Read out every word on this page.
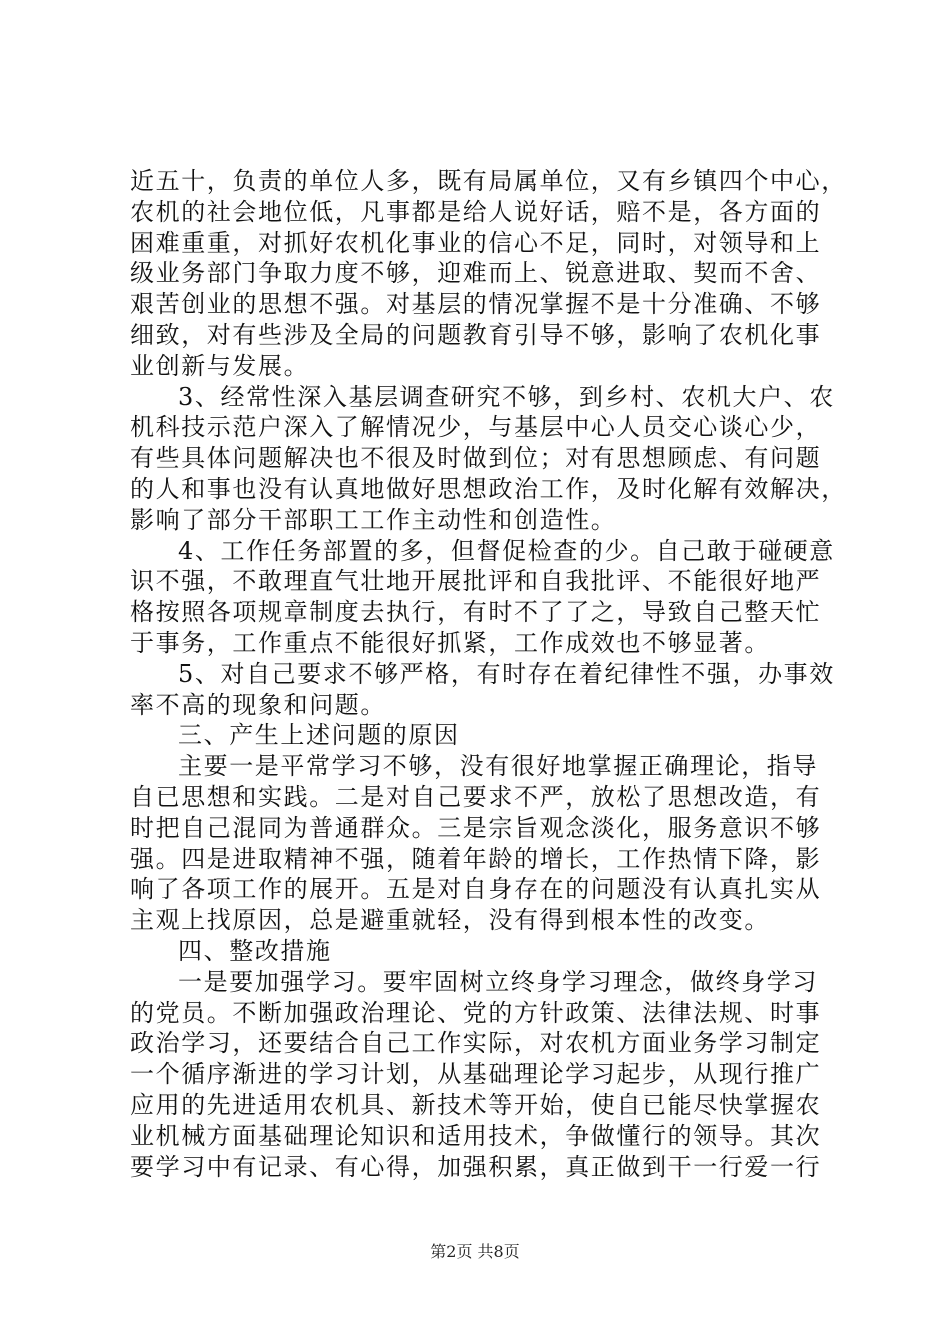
近五十，负责的单位人多，既有局属单位，又有乡镇四个中心，
农机的社会地位低，凡事都是给人说好话，赔不是，各方面的
困难重重，对抓好农机化事业的信心不足，同时，对领导和上
级业务部门争取力度不够，迎难而上、锐意进取、契而不舍、
艰苦创业的思想不强。对基层的情况掌握不是十分准确、不够
细致，对有些涉及全局的问题教育引导不够，影响了农机化事
业创新与发展。
3、经常性深入基层调查研究不够，到乡村、农机大户、农
机科技示范户深入了解情况少，与基层中心人员交心谈心少，
有些具体问题解决也不很及时做到位；对有思想顾虑、有问题
的人和事也没有认真地做好思想政治工作，及时化解有效解决，
影响了部分干部职工工作主动性和创造性。
4、工作任务部置的多，但督促检查的少。自己敢于碰硬意
识不强，不敢理直气壮地开展批评和自我批评、不能很好地严
格按照各项规章制度去执行，有时不了了之，导致自己整天忙
于事务，工作重点不能很好抓紧，工作成效也不够显著。
5、对自己要求不够严格，有时存在着纪律性不强，办事效
率不高的现象和问题。
三、产生上述问题的原因
主要一是平常学习不够，没有很好地掌握正确理论，指导
自已思想和实践。二是对自己要求不严，放松了思想改造，有
时把自己混同为普通群众。三是宗旨观念淡化，服务意识不够
强。四是进取精神不强，随着年龄的增长，工作热情下降，影
响了各项工作的展开。五是对自身存在的问题没有认真扎实从
主观上找原因，总是避重就轻，没有得到根本性的改变。
四、整改措施
一是要加强学习。要牢固树立终身学习理念，做终身学习
的党员。不断加强政治理论、党的方针政策、法律法规、时事
政治学习，还要结合自己工作实际，对农机方面业务学习制定
一个循序渐进的学习计划，从基础理论学习起步，从现行推广
应用的先进适用农机具、新技术等开始，使自已能尽快掌握农
业机械方面基础理论知识和适用技术，争做懂行的领导。其次
要学习中有记录、有心得，加强积累，真正做到干一行爱一行
第2页 共8页
